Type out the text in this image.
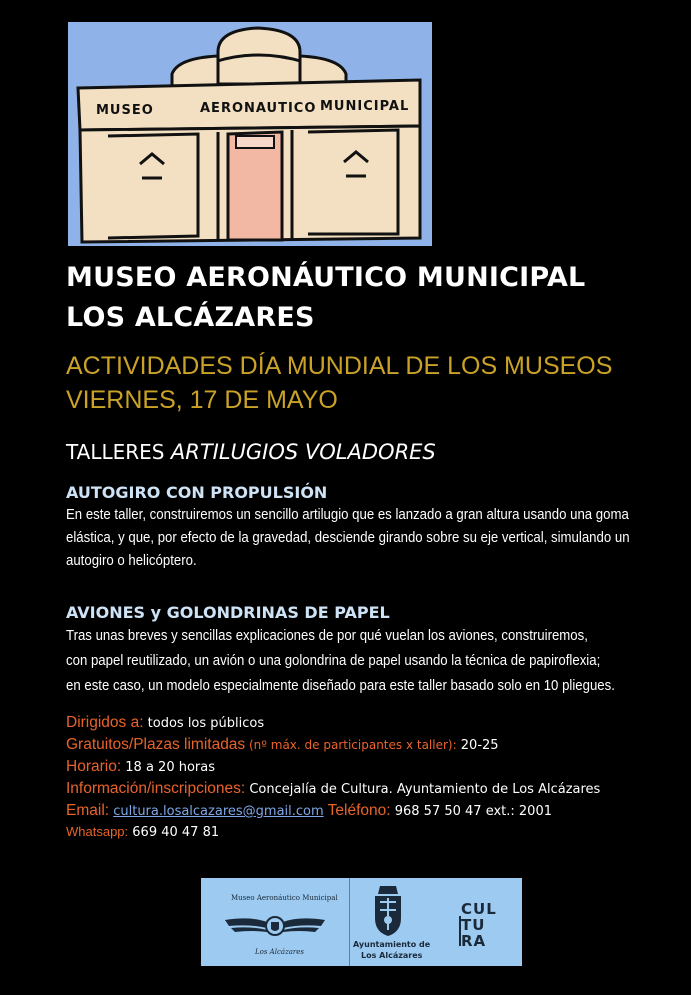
MUSEO	AERONAUTICO MUNICIPAL
MUSEO AERONÁUTICO MUNICIPAL
LOS ALCÁZARES
ACTIVIDADES DÍA MUNDIAL DE LOS MUSEOS
VIERNES, 17 DE MAYO
TALLERES ARTILUGIOS VOLADORES
AUTOGIRO CON PROPULSIÓN
En este taller, construiremos un sencillo artilugio que es lanzado a gran altura usando una goma
elástica, y que, por efecto de la gravedad, desciende girando sobre su eje vertical, simulando un
autogiro o helicóptero.
AVIONES y GOLONDRINAS DE PAPEL
Tras unas breves y sencillas explicaciones de por qué vuelan los aviones, construiremos,
con papel reutilizado, un avión o una golondrina de papel usando la técnica de papiroflexia;
en este caso, un modelo especialmente diseñado para este taller basado solo en 10 pliegues.
Dirigidos a: todos los públicos
Gratuitos/Plazas limitadas (nº máx. de participantes x taller): 20-25
Horario: 18 a 20 horas
Información/inscripciones: Concejalía de Cultura. Ayuntamiento de Los Alcázares
Email: cultura.losalcazares@gmail.com Teléfono: 968 57 50 47 ext.: 2001
Whatsapp: 669 40 47 81
Museo Aeronáutico Municipal
Los Alcázares
Ayuntamiento de
Los Alcázares
CUL
TU
RA
